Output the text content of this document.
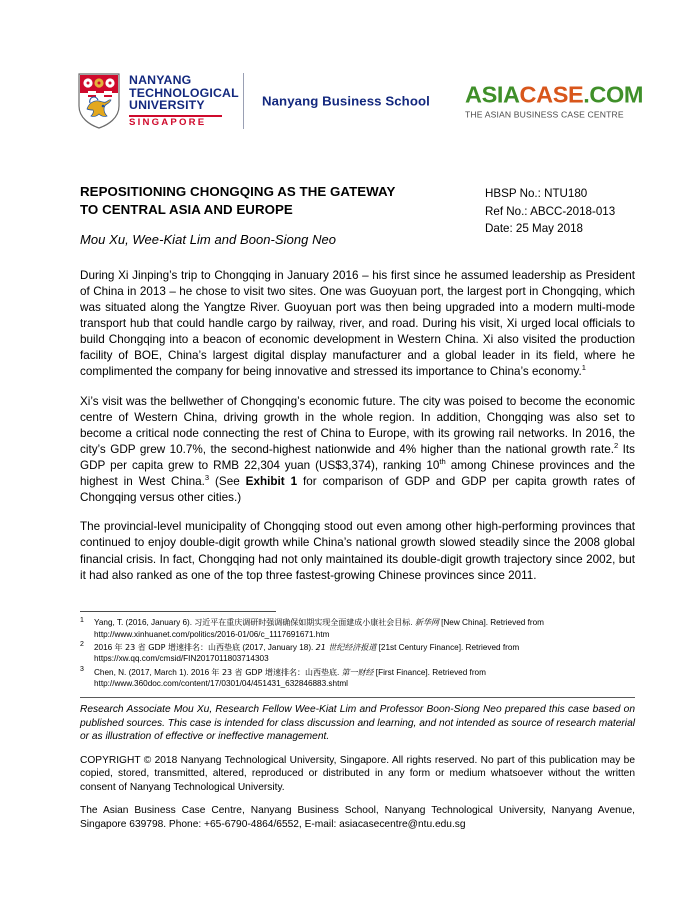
NANYANG
TECHNOLOGICAL
UNIVERSITY
SINGAPORE
Nanyang Business School ASIACASE.COM
THE ASIAN BUSINESS CASE CENTRE
REPOSITIONING CHONGQING AS THE GATEWAY
TO CENTRAL ASIA AND EUROPE
Mou Xu, Wee-Kiat Lim and Boon-Siong Neo
HBSP No.: NTU180
Ref No.: ABCC-2018-013
Date: 25 May 2018

During Xi Jinping’s trip to Chongqing in January 2016 – his first since he assumed leadership as President of China in 2013 – he chose to visit two sites. One was Guoyuan port, the largest port in Chongqing, which was situated along the Yangtze River. Guoyuan port was then being upgraded into a modern multi-mode transport hub that could handle cargo by railway, river, and road. During his visit, Xi urged local officials to build Chongqing into a beacon of economic development in Western China. Xi also visited the production facility of BOE, China’s largest digital display manufacturer and a global leader in its field, where he complimented the company for being innovative and stressed its importance to China’s economy.$^1$

Xi’s visit was the bellwether of Chongqing’s economic future. The city was poised to become the economic centre of Western China, driving growth in the whole region. In addition, Chongqing was also set to become a critical node connecting the rest of China to Europe, with its growing rail networks. In 2016, the city’s GDP grew 10.7%, the second-highest nationwide and 4% higher than the national growth rate.$^2$ Its GDP per capita grew to RMB 22,304 yuan (US$3,374), ranking 10th among Chinese provinces and the highest in West China.$^3$ (See Exhibit 1 for comparison of GDP and GDP per capita growth rates of Chongqing versus other cities.)

The provincial-level municipality of Chongqing stood out even among other high-performing provinces that continued to enjoy double-digit growth while China’s national growth slowed steadily since the 2008 global financial crisis. In fact, Chongqing had not only maintained its double-digit growth trajectory since 2002, but it had also ranked as one of the top three fastest-growing Chinese provinces since 2011.

1 Yang, T. (2016, January 6). 习近平在重庆调研时强调确保如期实现全面建成小康社会目标. 新华网 [New China]. Retrieved from
http://www.xinhuanet.com/politics/2016-01/06/c_1117691671.htm
2 2016 年 23 省 GDP 增速排名：山西垫底 (2017, January 18). 21 世纪经济报道 [21st Century Finance]. Retrieved from
https://xw.qq.com/cmsid/FIN2017011803714303
3 Chen, N. (2017, March 1). 2016 年 23 省 GDP 增速排名：山西垫底. 第一财经 [First Finance]. Retrieved from
http://www.360doc.com/content/17/0301/04/451431_632846883.shtml

Research Associate Mou Xu, Research Fellow Wee-Kiat Lim and Professor Boon-Siong Neo prepared this case based on published sources. This case is intended for class discussion and learning, and not intended as source of research material or as illustration of effective or ineffective management.

COPYRIGHT © 2018 Nanyang Technological University, Singapore. All rights reserved. No part of this publication may be copied, stored, transmitted, altered, reproduced or distributed in any form or medium whatsoever without the written consent of Nanyang Technological University.

The Asian Business Case Centre, Nanyang Business School, Nanyang Technological University, Nanyang Avenue, Singapore 639798. Phone: +65-6790-4864/6552, E-mail: asiacasecentre@ntu.edu.sg
